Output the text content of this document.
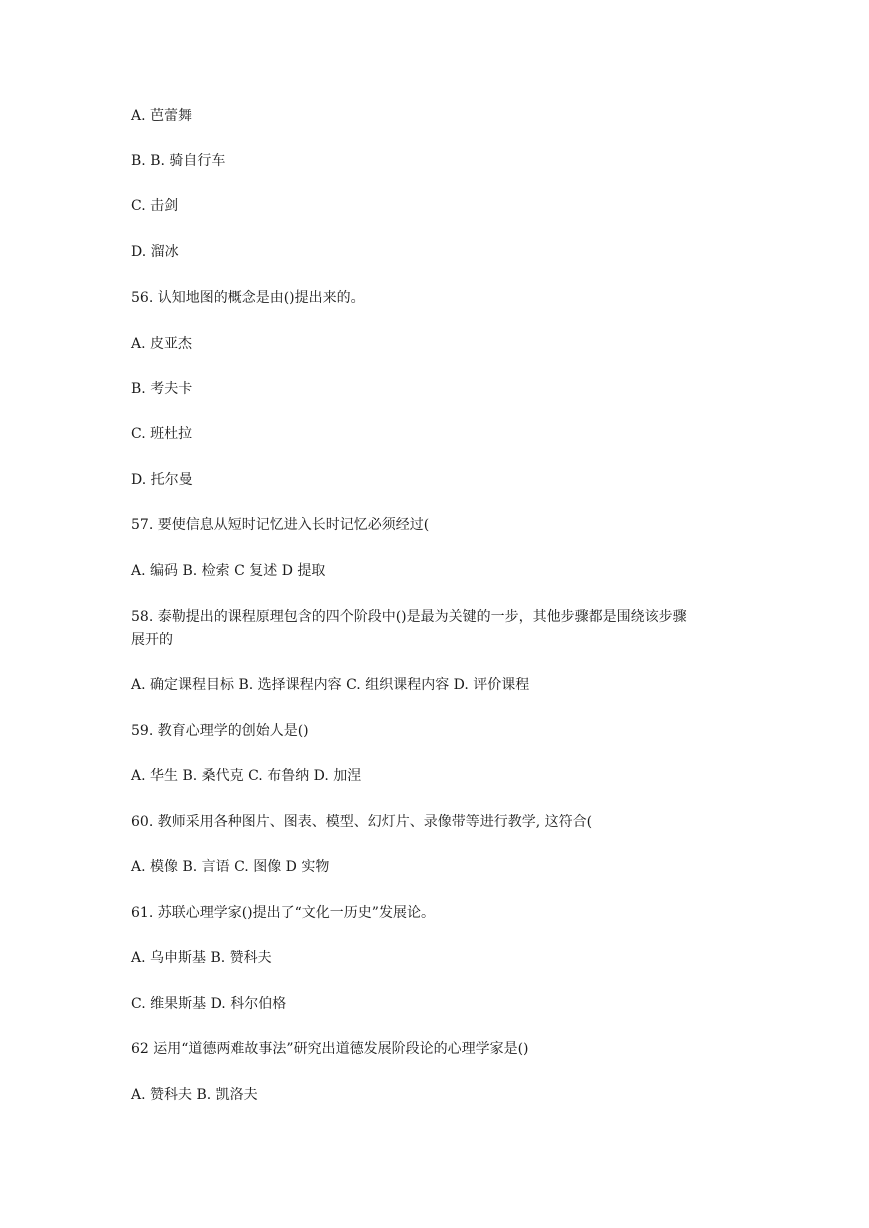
A. 芭蕾舞
B. B. 骑自行车
C. 击剑
D. 溜冰
56. 认知地图的概念是由()提出来的。
A. 皮亚杰
B. 考夫卡
C. 班杜拉
D. 托尔曼
57. 要使信息从短时记忆进入长时记忆必须经过(
A. 编码 B. 检索 C 复述 D 提取
58. 泰勒提出的课程原理包含的四个阶段中()是最为关键的一步，其他步骤都是围绕该步骤
展开的
A. 确定课程目标 B. 选择课程内容 C. 组织课程内容 D. 评价课程
59. 教育心理学的创始人是()
A. 华生 B. 桑代克 C. 布鲁纳 D. 加涅
60. 教师采用各种图片、图表、模型、幻灯片、录像带等进行教学, 这符合(
A. 模像 B. 言语 C. 图像 D 实物
61. 苏联心理学家()提出了“文化一历史”发展论。
A. 乌申斯基 B. 赞科夫
C. 维果斯基 D. 科尔伯格
62 运用“道德两难故事法”研究出道德发展阶段论的心理学家是()
A. 赞科夫 B. 凯洛夫
